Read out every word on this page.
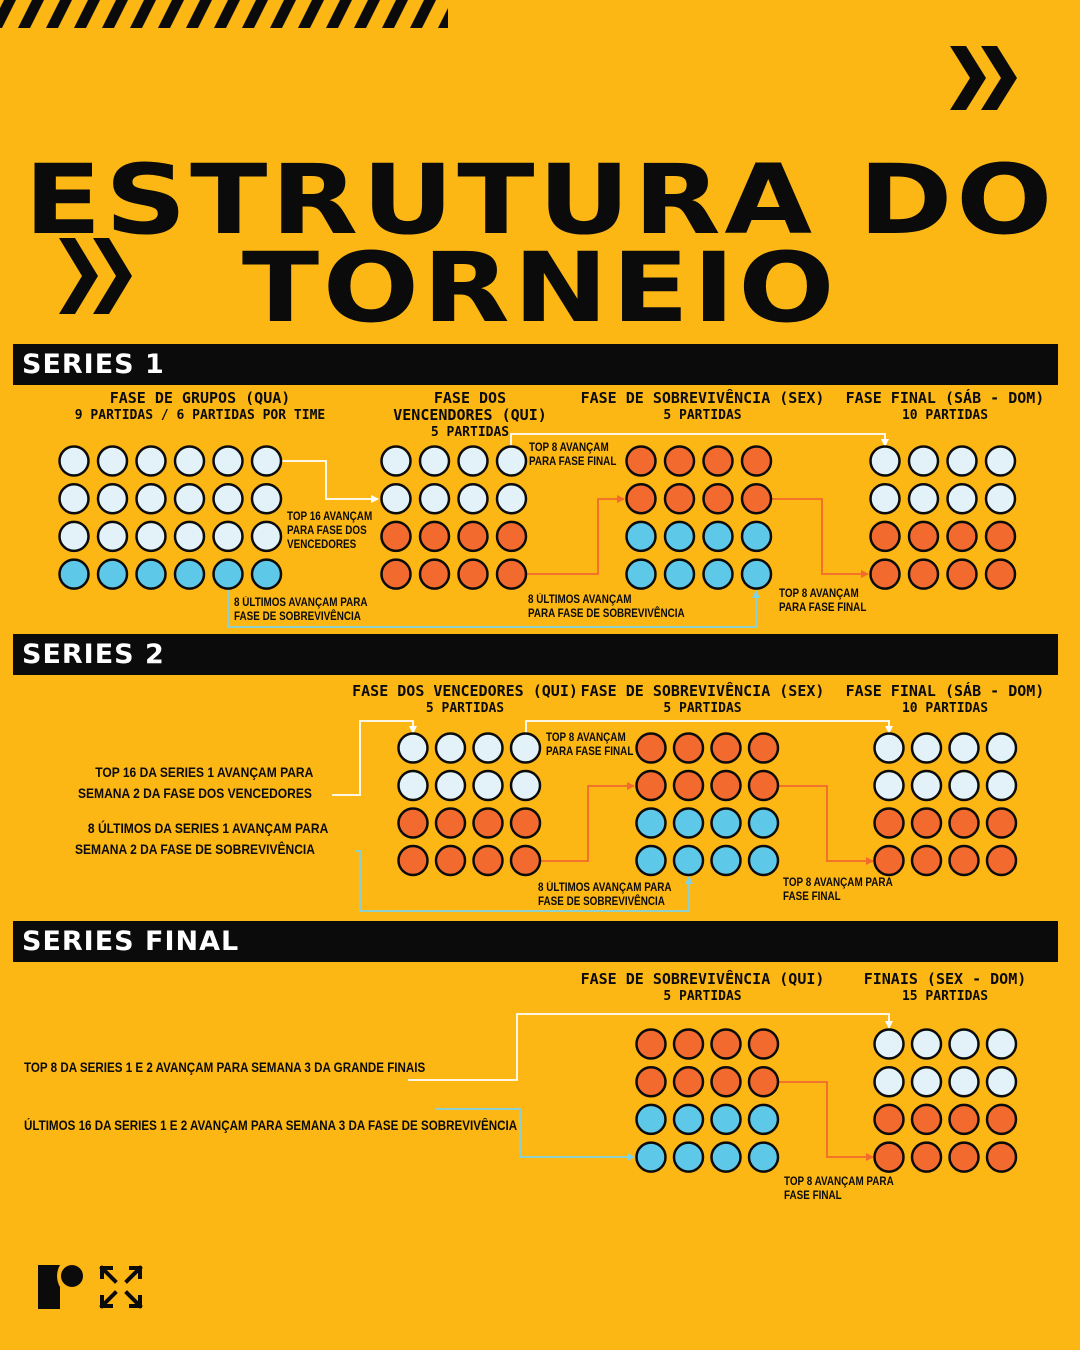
ESTRUTURA DO
TORNEIO
SERIES 1
SERIES 2
SERIES FINAL
FASE DE GRUPOS (QUA)
9 PARTIDAS / 6 PARTIDAS POR TIME
FASE DOS
VENCENDORES (QUI)
5 PARTIDAS
FASE DE SOBREVIVÊNCIA (SEX)
5 PARTIDAS
FASE FINAL (SÁB - DOM)
10 PARTIDAS
TOP 16 AVANÇAM
PARA FASE DOS
VENCEDORES
8 ÚLTIMOS AVANÇAM PARA
FASE DE SOBREVIVÊNCIA
TOP 8 AVANÇAM
PARA FASE FINAL
8 ÚLTIMOS AVANÇAM
PARA FASE DE SOBREVIVÊNCIA
TOP 8 AVANÇAM
PARA FASE FINAL
FASE DOS VENCEDORES (QUI)
5 PARTIDAS
FASE DE SOBREVIVÊNCIA (SEX)
5 PARTIDAS
FASE FINAL (SÁB - DOM)
10 PARTIDAS
TOP 16 DA SERIES 1 AVANÇAM PARA
SEMANA 2 DA FASE DOS VENCEDORES
8 ÚLTIMOS DA SERIES 1 AVANÇAM PARA
SEMANA 2 DA FASE DE SOBREVIVÊNCIA
TOP 8 AVANÇAM
PARA FASE FINAL
8 ÚLTIMOS AVANÇAM PARA
FASE DE SOBREVIVÊNCIA
TOP 8 AVANÇAM PARA
FASE FINAL
FASE DE SOBREVIVÊNCIA (QUI)
5 PARTIDAS
FINAIS (SEX - DOM)
15 PARTIDAS
TOP 8 DA SERIES 1 E 2 AVANÇAM PARA SEMANA 3 DA GRANDE FINAIS
ÚLTIMOS 16 DA SERIES 1 E 2 AVANÇAM PARA SEMANA 3 DA FASE DE SOBREVIVÊNCIA
TOP 8 AVANÇAM PARA
FASE FINAL
